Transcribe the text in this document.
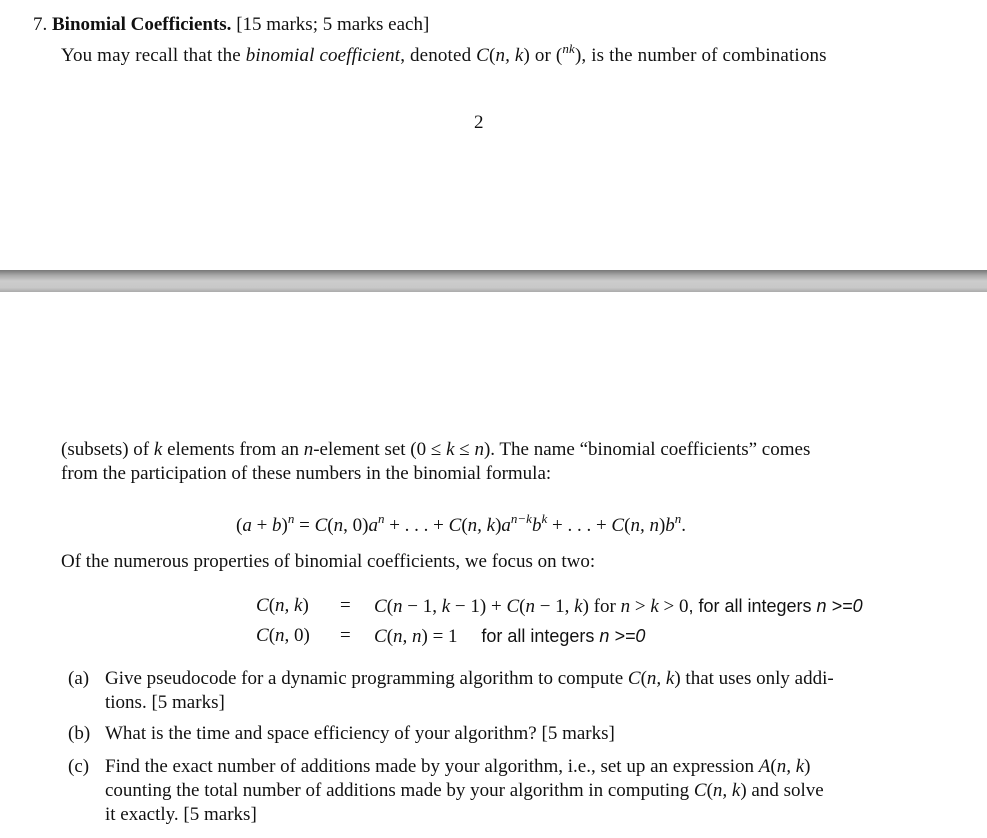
7. Binomial Coefficients. [15 marks; 5 marks each]
You may recall that the binomial coefficient, denoted C(n, k) or ($^{nk}$), is the number of combinations
2
(subsets) of k elements from an n-element set (0 ≤ k ≤ n). The name “binomial coefficients” comes
from the participation of these numbers in the binomial formula:
$(a + b)^n = C(n$, $0)a^n$ + . . . + C(n, $k)a^{n-k}b^k$ + . . . + C(n, $n)b^n$.
Of the numerous properties of binomial coefficients, we focus on two:
C(n, k) = C(n − 1, k − 1) + C(n − 1, k) for n > k > 0, for all integers n >=0
C(n, 0) = C(n, n) = 1     for all integers n >=0
(a) Give pseudocode for a dynamic programming algorithm to compute C(n, k) that uses only addi-
tions. [5 marks]
(b) What is the time and space efficiency of your algorithm? [5 marks]
(c) Find the exact number of additions made by your algorithm, i.e., set up an expression A(n, k)
counting the total number of additions made by your algorithm in computing C(n, k) and solve
it exactly. [5 marks]
